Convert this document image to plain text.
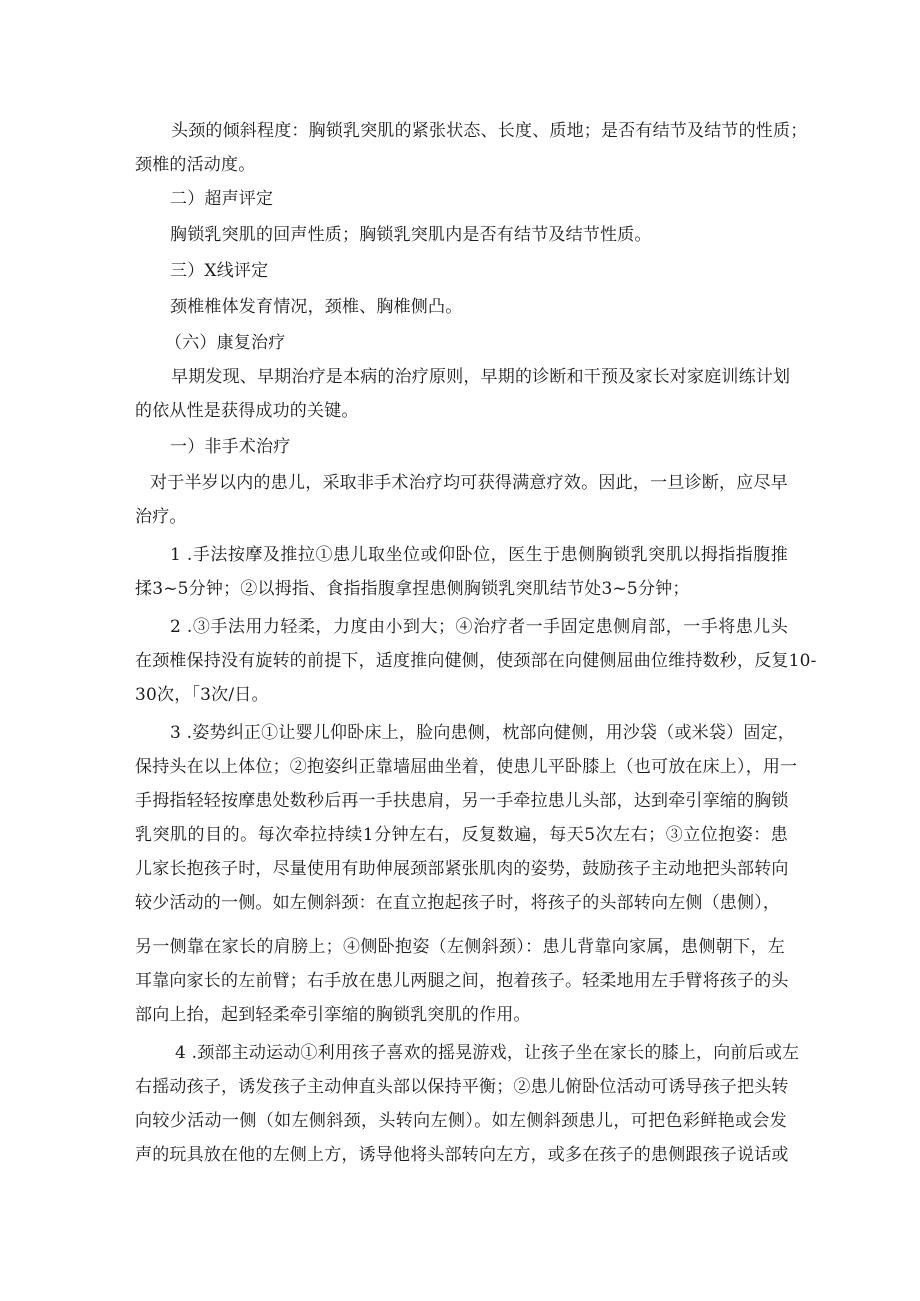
头颈的倾斜程度：胸锁乳突肌的紧张状态、长度、质地；是否有结节及结节的性质；
颈椎的活动度。
二）超声评定
胸锁乳突肌的回声性质；胸锁乳突肌内是否有结节及结节性质。
三）X线评定
颈椎椎体发育情况，颈椎、胸椎侧凸。
（六）康复治疗
早期发现、早期治疗是本病的治疗原则，早期的诊断和干预及家长对家庭训练计划
的依从性是获得成功的关键。
一）非手术治疗
对于半岁以内的患儿，采取非手术治疗均可获得满意疗效。因此，一旦诊断，应尽早
治疗。
1 .手法按摩及推拉①患儿取坐位或仰卧位，医生于患侧胸锁乳突肌以拇指指腹推
揉3~5分钟；②以拇指、食指指腹拿捏患侧胸锁乳突肌结节处3~5分钟；
2 .③手法用力轻柔，力度由小到大；④治疗者一手固定患侧肩部，一手将患儿头
在颈椎保持没有旋转的前提下，适度推向健侧，使颈部在向健侧屈曲位维持数秒，反复10-
30次，「3次/日。
3 .姿势纠正①让婴儿仰卧床上，脸向患侧，枕部向健侧，用沙袋（或米袋）固定，
保持头在以上体位；②抱姿纠正靠墙屈曲坐着，使患儿平卧膝上（也可放在床上），用一
手拇指轻轻按摩患处数秒后再一手扶患肩，另一手牵拉患儿头部，达到牵引挛缩的胸锁
乳突肌的目的。每次牵拉持续1分钟左右，反复数遍，每天5次左右；③立位抱姿：患
儿家长抱孩子时，尽量使用有助伸展颈部紧张肌肉的姿势，鼓励孩子主动地把头部转向
较少活动的一侧。如左侧斜颈：在直立抱起孩子时，将孩子的头部转向左侧（患侧），
另一侧靠在家长的肩膀上；④侧卧抱姿（左侧斜颈）：患儿背靠向家属，患侧朝下，左
耳靠向家长的左前臂；右手放在患儿两腿之间，抱着孩子。轻柔地用左手臂将孩子的头
部向上抬，起到轻柔牵引挛缩的胸锁乳突肌的作用。
4 .颈部主动运动①利用孩子喜欢的摇晃游戏，让孩子坐在家长的膝上，向前后或左
右摇动孩子，诱发孩子主动伸直头部以保持平衡；②患儿俯卧位活动可诱导孩子把头转
向较少活动一侧（如左侧斜颈，头转向左侧）。如左侧斜颈患儿，可把色彩鲜艳或会发
声的玩具放在他的左侧上方，诱导他将头部转向左方，或多在孩子的患侧跟孩子说话或
